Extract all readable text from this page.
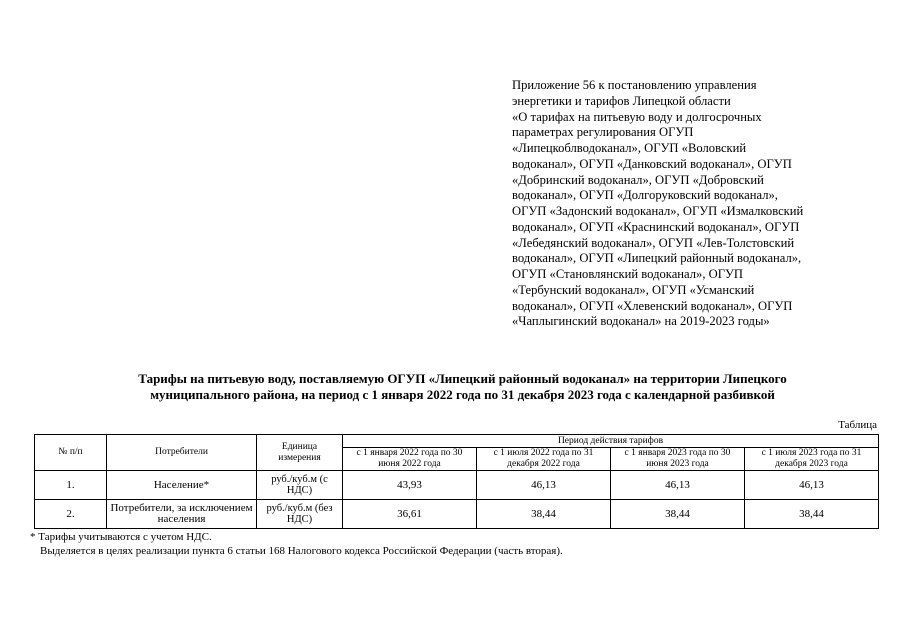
Приложение 56 к постановлению управления
энергетики и тарифов Липецкой области
«О тарифах на питьевую воду и долгосрочных
параметрах регулирования ОГУП
«Липецкоблводоканал», ОГУП «Воловский
водоканал», ОГУП «Данковский водоканал», ОГУП
«Добринский водоканал», ОГУП «Добровский
водоканал», ОГУП «Долгоруковский водоканал»,
ОГУП «Задонский водоканал», ОГУП «Измалковский
водоканал», ОГУП «Краснинский водоканал», ОГУП
«Лебедянский водоканал», ОГУП «Лев-Толстовский
водоканал», ОГУП «Липецкий районный водоканал»,
ОГУП «Становлянский водоканал», ОГУП
«Тербунский водоканал», ОГУП «Усманский
водоканал», ОГУП «Хлевенский водоканал», ОГУП
«Чаплыгинский водоканал» на 2019-2023 годы»
Тарифы на питьевую воду, поставляемую ОГУП «Липецкий районный водоканал» на территории Липецкого
муниципального района, на период с 1 января 2022 года по 31 декабря 2023 года с календарной разбивкой
Таблица
№ п/п	Потребители	Единица измерения	Период действия тарифов			
			с 1 января 2022 года по 30 июня 2022 года	с 1 июля 2022 года по 31 декабря 2022 года	с 1 января 2023 года по 30 июня 2023 года	с 1 июля 2023 года по 31 декабря 2023 года
1.	Население*	руб./куб.м (с НДС)	43,93	46,13	46,13	46,13
2.	Потребители, за исключением населения	руб./куб.м (без НДС)	36,61	38,44	38,44	38,44
* Тарифы учитываются с учетом НДС.
Выделяется в целях реализации пункта 6 статьи 168 Налогового кодекса Российской Федерации (часть вторая).
